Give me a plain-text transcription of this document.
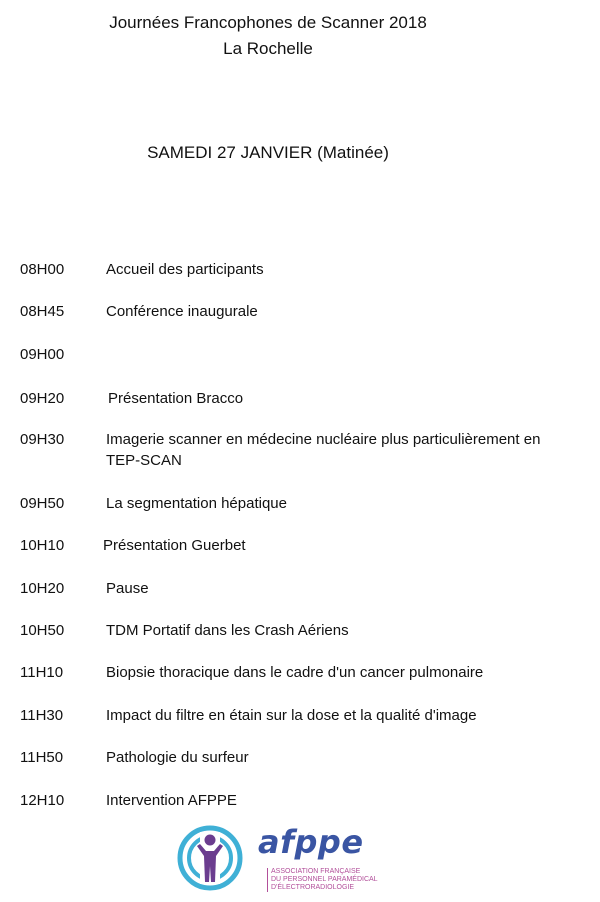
Journées Francophones de Scanner 2018
La Rochelle
SAMEDI 27 JANVIER (Matinée)
08H00	Accueil des participants
08H45	Conférence inaugurale
09H00
09H20	Présentation Bracco
09H30	Imagerie scanner en médecine nucléaire plus particulièrement en TEP-SCAN
09H50	La segmentation hépatique
10H10	Présentation Guerbet
10H20	Pause
10H50	TDM Portatif dans les Crash Aériens
11H10	Biopsie thoracique dans le cadre d'un cancer pulmonaire
11H30	Impact du filtre en étain sur la dose et la qualité d'image
11H50	Pathologie du surfeur
12H10	Intervention AFPPE
afppe
ASSOCIATION FRANÇAISE
DU PERSONNEL PARAMÉDICAL
D'ÉLECTRORADIOLOGIE
